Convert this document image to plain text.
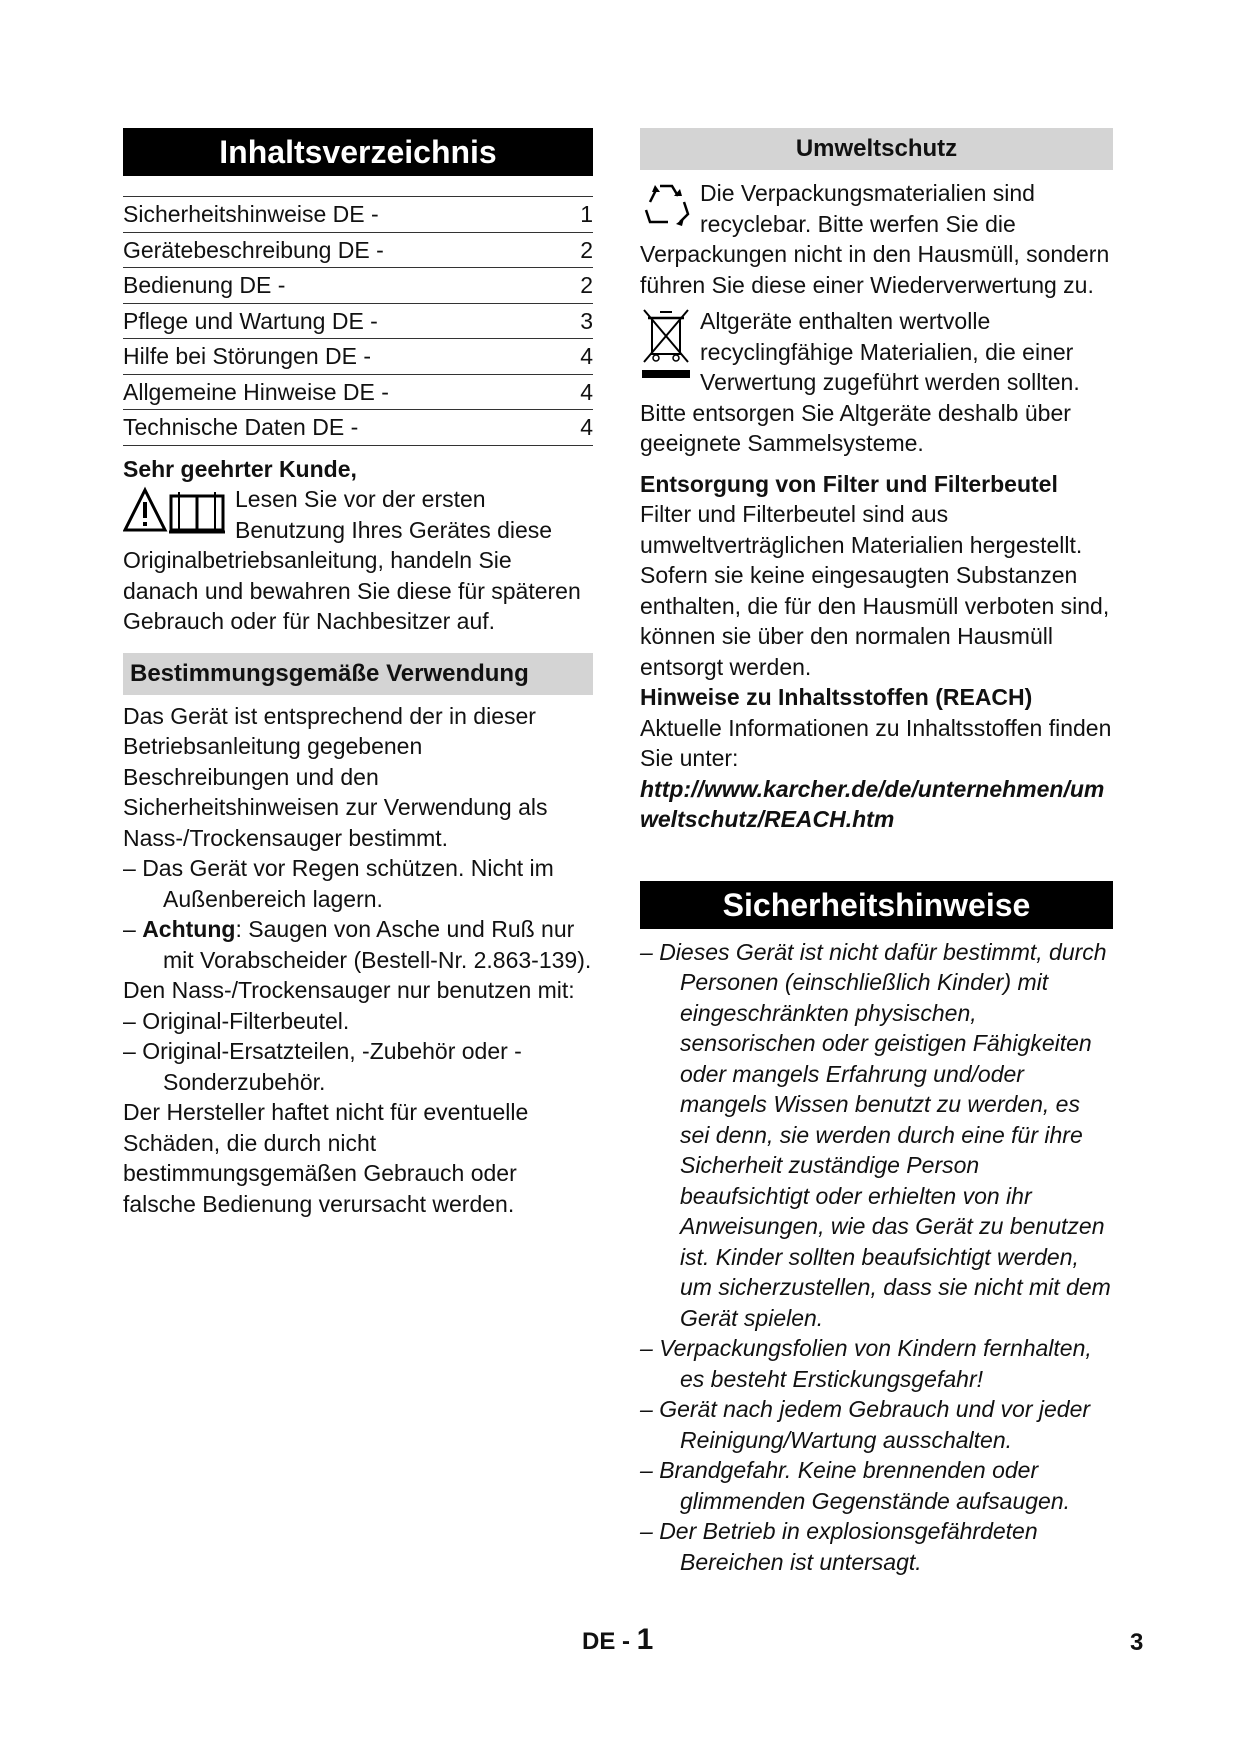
Inhaltsverzeichnis
Sicherheitshinweise DE -	1
Gerätebeschreibung DE -	2
Bedienung DE -	2
Pflege und Wartung DE -	3
Hilfe bei Störungen DE -	4
Allgemeine Hinweise DE -	4
Technische Daten DE -	4

Sehr geehrter Kunde,

Lesen Sie vor der ersten Benutzung Ihres Gerätes diese Originalbetriebsanleitung, handeln Sie danach und bewahren Sie diese für späteren Gebrauch oder für Nachbesitzer auf.

Bestimmungsgemäße Verwendung

Das Gerät ist entsprechend der in dieser Betriebsanleitung gegebenen Beschreibungen und den Sicherheitshinweisen zur Verwendung als Nass-/Trockensauger bestimmt.

– Das Gerät vor Regen schützen. Nicht im Außenbereich lagern.

– Achtung: Saugen von Asche und Ruß nur mit Vorabscheider (Bestell-Nr. 2.863-139).

Den Nass-/Trockensauger nur benutzen mit:

– Original-Filterbeutel.

– Original-Ersatzteilen, -Zubehör oder -Sonderzubehör.

Der Hersteller haftet nicht für eventuelle Schäden, die durch nicht bestimmungsgemäßen Gebrauch oder falsche Bedienung verursacht werden.

Umweltschutz

Die Verpackungsmaterialien sind recyclebar. Bitte werfen Sie die Verpackungen nicht in den Hausmüll, sondern führen Sie diese einer Wiederverwertung zu.

Altgeräte enthalten wertvolle recyclingfähige Materialien, die einer Verwertung zugeführt werden sollten. Bitte entsorgen Sie Altgeräte deshalb über geeignete Sammelsysteme.

Entsorgung von Filter und Filterbeutel

Filter und Filterbeutel sind aus umweltverträglichen Materialien hergestellt.

Sofern sie keine eingesaugten Substanzen enthalten, die für den Hausmüll verboten sind, können sie über den normalen Hausmüll entsorgt werden.

Hinweise zu Inhaltsstoffen (REACH)

Aktuelle Informationen zu Inhaltsstoffen finden Sie unter:

http://www.karcher.de/de/unternehmen/umweltschutz/REACH.htm

Sicherheitshinweise

– Dieses Gerät ist nicht dafür bestimmt, durch Personen (einschließlich Kinder) mit eingeschränkten physischen, sensorischen oder geistigen Fähigkeiten oder mangels Erfahrung und/oder mangels Wissen benutzt zu werden, es sei denn, sie werden durch eine für ihre Sicherheit zuständige Person beaufsichtigt oder erhielten von ihr Anweisungen, wie das Gerät zu benutzen ist. Kinder sollten beaufsichtigt werden, um sicherzustellen, dass sie nicht mit dem Gerät spielen.

– Verpackungsfolien von Kindern fernhalten, es besteht Erstickungsgefahr!

– Gerät nach jedem Gebrauch und vor jeder Reinigung/Wartung ausschalten.

– Brandgefahr. Keine brennenden oder glimmenden Gegenstände aufsaugen.

– Der Betrieb in explosionsgefährdeten Bereichen ist untersagt.

DE - 1	3
